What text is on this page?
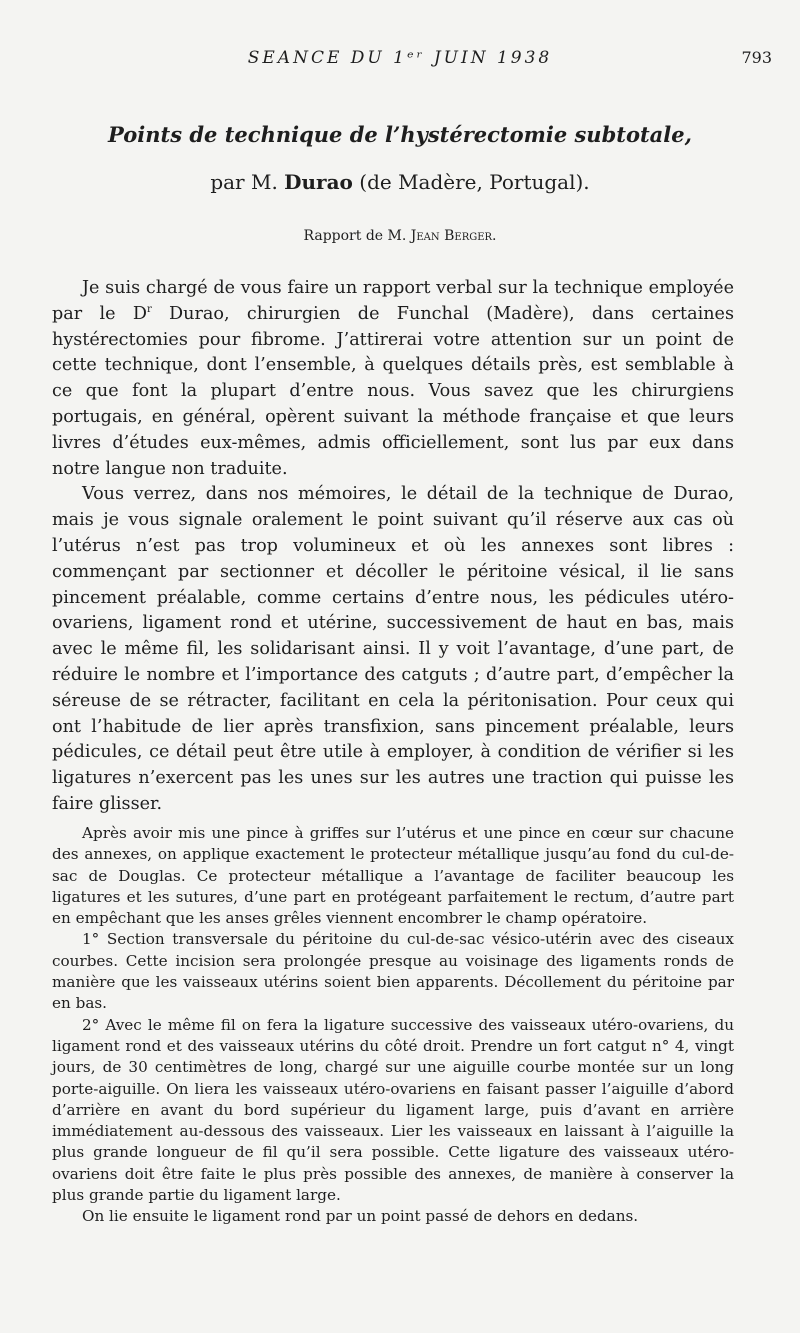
SEANCE DU 1ᵉʳ JUIN 1938	793
Points de technique de l’hystérectomie subtotale,
par M. Durao (de Madère, Portugal).
Rapport de M. Jean Berger.

Je suis chargé de vous faire un rapport verbal sur la technique employée par le $D^r$ Durao, chirurgien de Funchal (Madère), dans certaines hystérectomies pour fibrome. J’attirerai votre attention sur un point de cette technique, dont l’ensemble, à quelques détails près, est semblable à ce que font la plupart d’entre nous. Vous savez que les chirurgiens portugais, en général, opèrent suivant la méthode française et que leurs livres d’études eux-mêmes, admis officiellement, sont lus par eux dans notre langue non traduite.

Vous verrez, dans nos mémoires, le détail de la technique de Durao, mais je vous signale oralement le point suivant qu’il réserve aux cas où l’utérus n’est pas trop volumineux et où les annexes sont libres : commençant par sectionner et décoller le péritoine vésical, il lie sans pincement préalable, comme certains d’entre nous, les pédicules utéro-ovariens, ligament rond et utérine, successivement de haut en bas, mais avec le même fil, les solidarisant ainsi. Il y voit l’avantage, d’une part, de réduire le nombre et l’importance des catguts ; d’autre part, d’empêcher la séreuse de se rétracter, facilitant en cela la péritonisation. Pour ceux qui ont l’habitude de lier après transfixion, sans pincement préalable, leurs pédicules, ce détail peut être utile à employer, à condition de vérifier si les ligatures n’exercent pas les unes sur les autres une traction qui puisse les faire glisser.

Après avoir mis une pince à griffes sur l’utérus et une pince en cœur sur chacune des annexes, on applique exactement le protecteur métallique jusqu’au fond du cul-de-sac de Douglas. Ce protecteur métallique a l’avantage de faciliter beaucoup les ligatures et les sutures, d’une part en protégeant parfaitement le rectum, d’autre part en empêchant que les anses grêles viennent encombrer le champ opératoire.

1° Section transversale du péritoine du cul-de-sac vésico-utérin avec des ciseaux courbes. Cette incision sera prolongée presque au voisinage des ligaments ronds de manière que les vaisseaux utérins soient bien apparents. Décollement du péritoine par en bas.

2° Avec le même fil on fera la ligature successive des vaisseaux utéro-ovariens, du ligament rond et des vaisseaux utérins du côté droit. Prendre un fort catgut n° 4, vingt jours, de 30 centimètres de long, chargé sur une aiguille courbe montée sur un long porte-aiguille. On liera les vaisseaux utéro-ovariens en faisant passer l’aiguille d’abord d’arrière en avant du bord supérieur du ligament large, puis d’avant en arrière immédiatement au-dessous des vaisseaux. Lier les vaisseaux en laissant à l’aiguille la plus grande longueur de fil qu’il sera possible. Cette ligature des vaisseaux utéro-ovariens doit être faite le plus près possible des annexes, de manière à conserver la plus grande partie du ligament large.

On lie ensuite le ligament rond par un point passé de dehors en dedans.
